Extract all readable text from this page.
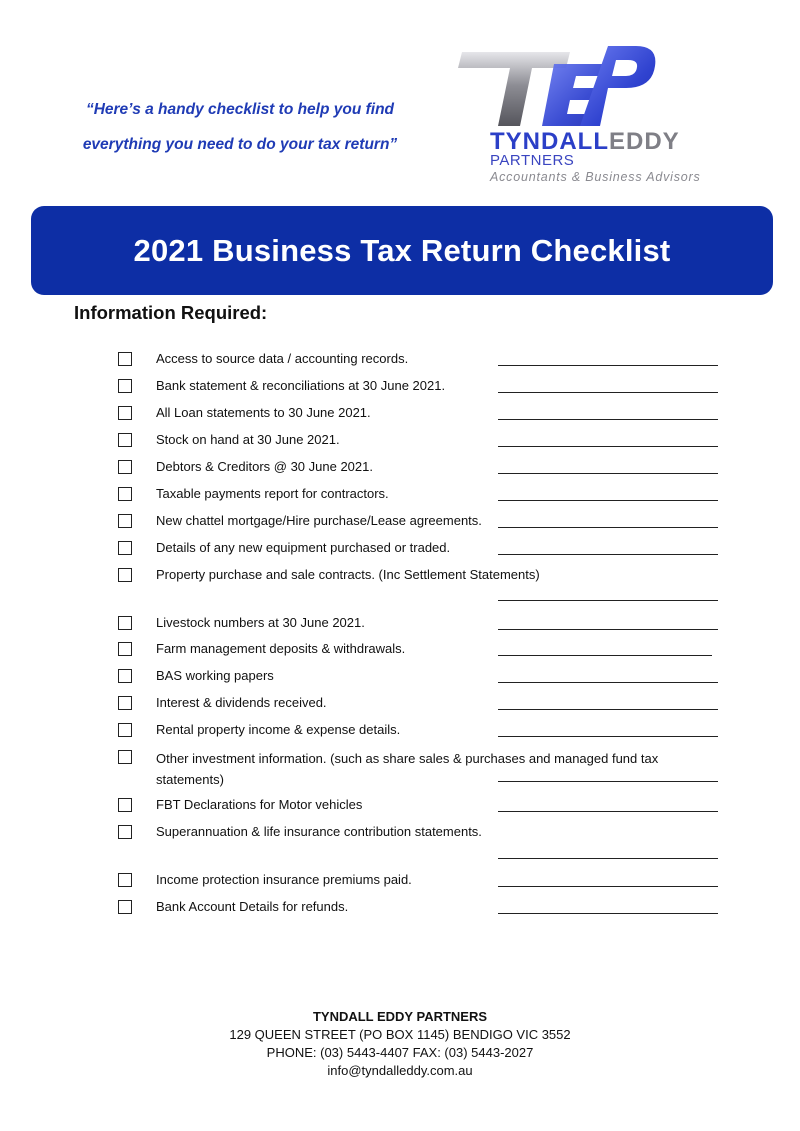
“Here’s a handy checklist to help you find
everything you need to do your tax return”	TYNDALLEDDY
PARTNERS
Accountants & Business Advisors
2021 Business Tax Return Checklist
Information Required:
Access to source data / accounting records.
Bank statement & reconciliations at 30 June 2021.
All Loan statements to 30 June 2021.
Stock on hand at 30 June 2021.
Debtors & Creditors @ 30 June 2021.
Taxable payments report for contractors.
New chattel mortgage/Hire purchase/Lease agreements.
Details of any new equipment purchased or traded.
Property purchase and sale contracts. (Inc Settlement Statements)
Livestock numbers at 30 June 2021.
Farm management deposits & withdrawals.
BAS working papers
Interest & dividends received.
Rental property income & expense details.
Other investment information. (such as share sales & purchases and managed fund tax statements)
FBT Declarations for Motor vehicles
Superannuation & life insurance contribution statements.
Income protection insurance premiums paid.
Bank Account Details for refunds.
TYNDALL EDDY PARTNERS
129 QUEEN STREET (PO BOX 1145) BENDIGO VIC 3552
PHONE: (03) 5443-4407 FAX: (03) 5443-2027
info@tyndalleddy.com.au
